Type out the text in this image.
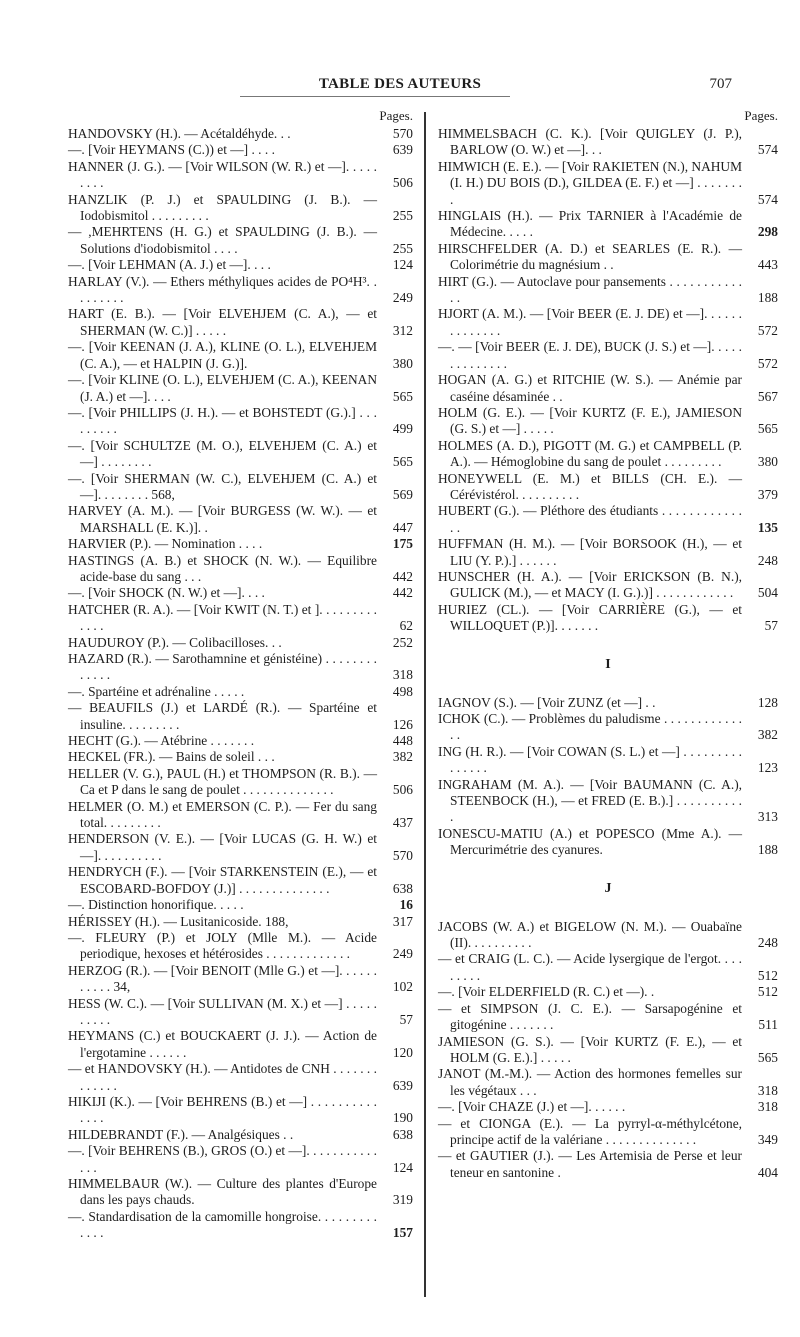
TABLE DES AUTEURS	707
Pages.
HANDOVSKY (H.). — Acétaldéhyde. . .	570
—. [Voir HEYMANS (C.)) et —] . . . .	639
HANNER (J. G.). — [Voir WILSON (W. R.) et —]. . . . . . . . .	506
HANZLIK (P. J.) et SPAULDING (J. B.). — Iodobismitol . . . . . . . . .	255
— ,MEHRTENS (H. G.) et SPAULDING (J. B.). — Solutions d'iodobismitol . . . .	255
—. [Voir LEHMAN (A. J.) et —]. . . .	124
HARLAY (V.). — Ethers méthyliques acides de PO⁴H³. . . . . . . . .	249
HART (E. B.). — [Voir ELVEHJEM (C. A.), — et SHERMAN (W. C.)] . . . . .	312
—. [Voir KEENAN (J. A.), KLINE (O. L.), ELVEHJEM (C. A.), — et HALPIN (J. G.)].	380
—. [Voir KLINE (O. L.), ELVEHJEM (C. A.), KEENAN (J. A.) et —]. . . .	565
—. [Voir PHILLIPS (J. H.). — et BOHSTEDT (G.).] . . . . . . . . .	499
—. [Voir SCHULTZE (M. O.), ELVEHJEM (C. A.) et —] . . . . . . . .	565
—. [Voir SHERMAN (W. C.), ELVEHJEM (C. A.) et —]. . . . . . . . 568,	569
HARVEY (A. M.). — [Voir BURGESS (W. W.). — et MARSHALL (E. K.)]. .	447
HARVIER (P.). — Nomination . . . .	175
HASTINGS (A. B.) et SHOCK (N. W.). — Equilibre acide-base du sang . . .	442
—. [Voir SHOCK (N. W.) et —]. . . .	442
HATCHER (R. A.). — [Voir KWIT (N. T.) et ]. . . . . . . . . . . . .	62
HAUDUROY (P.). — Colibacilloses. . .	252
HAZARD (R.). — Sarothamnine et génistéine) . . . . . . . . . . . . .	318
—. Spartéine et adrénaline . . . . .	498
— BEAUFILS (J.) et LARDÉ (R.). — Spartéine et insuline. . . . . . . . .	126
HECHT (G.). — Atébrine . . . . . . .	448
HECKEL (FR.). — Bains de soleil . . .	382
HELLER (V. G.), PAUL (H.) et THOMPSON (R. B.). — Ca et P dans le sang de poulet . . . . . . . . . . . . . .	506
HELMER (O. M.) et EMERSON (C. P.). — Fer du sang total. . . . . . . . .	437
HENDERSON (V. E.). — [Voir LUCAS (G. H. W.) et —]. . . . . . . . . .	570
HENDRYCH (F.). — [Voir STARKENSTEIN (E.), — et ESCOBARD-BOFDOY (J.)] . . . . . . . . . . . . . .	638
—. Distinction honorifique. . . . .	16
HÉRISSEY (H.). — Lusitanicoside. 188,	317
—. FLEURY (P.) et JOLY (Mlle M.). — Acide periodique, hexoses et hétérosides . . . . . . . . . . . . .	249
HERZOG (R.). — [Voir BENOIT (Mlle G.) et —]. . . . . . . . . . . 34,	102
HESS (W. C.). — [Voir SULLIVAN (M. X.) et —] . . . . . . . . . .	57
HEYMANS (C.) et BOUCKAERT (J. J.). — Action de l'ergotamine . . . . . .	120
— et HANDOVSKY (H.). — Antidotes de CNH . . . . . . . . . . . . .	639
HIKIJI (K.). — [Voir BEHRENS (B.) et —] . . . . . . . . . . . . . .	190
HILDEBRANDT (F.). — Analgésiques . .	638
—. [Voir BEHRENS (B.), GROS (O.) et —]. . . . . . . . . . . . . .	124
HIMMELBAUR (W.). — Culture des plantes d'Europe dans les pays chauds.	319
—. Standardisation de la camomille hongroise. . . . . . . . . . . . .	157
Pages.
HIMMELSBACH (C. K.). [Voir QUIGLEY (J. P.), BARLOW (O. W.) et —]. . .	574
HIMWICH (E. E.). — [Voir RAKIETEN (N.), NAHUM (I. H.) DU BOIS (D.), GILDEA (E. F.) et —] . . . . . . . .	574
HINGLAIS (H.). — Prix TARNIER à l'Académie de Médecine. . . . .	298
HIRSCHFELDER (A. D.) et SEARLES (E. R.). — Colorimétrie du magnésium . .	443
HIRT (G.). — Autoclave pour pansements . . . . . . . . . . . . .	188
HJORT (A. M.). — [Voir BEER (E. J. DE) et —]. . . . . . . . . . . . . .	572
—. — [Voir BEER (E. J. DE), BUCK (J. S.) et —]. . . . . . . . . . . . . .	572
HOGAN (A. G.) et RITCHIE (W. S.). — Anémie par caséine désaminée . .	567
HOLM (G. E.). — [Voir KURTZ (F. E.), JAMIESON (G. S.) et —] . . . . .	565
HOLMES (A. D.), PIGOTT (M. G.) et CAMPBELL (P. A.). — Hémoglobine du sang de poulet . . . . . . . . .	380
HONEYWELL (E. M.) et BILLS (CH. E.). — Cérévistérol. . . . . . . . . .	379
HUBERT (G.). — Pléthore des étudiants . . . . . . . . . . . . . .	135
HUFFMAN (H. M.). — [Voir BORSOOK (H.), — et LIU (Y. P.).] . . . . . .	248
HUNSCHER (H. A.). — [Voir ERICKSON (B. N.), GULICK (M.), — et MACY (I. G.).)] . . . . . . . . . . . .	504
HURIEZ (CL.). — [Voir CARRIÈRE (G.), — et WILLOQUET (P.)]. . . . . . .	57
I
IAGNOV (S.). — [Voir ZUNZ (et —] . .	128
ICHOK (C.). — Problèmes du paludisme . . . . . . . . . . . . . .	382
ING (H. R.). — [Voir COWAN (S. L.) et —] . . . . . . . . . . . . . . .	123
INGRAHAM (M. A.). — [Voir BAUMANN (C. A.), STEENBOCK (H.), — et FRED (E. B.).] . . . . . . . . . . .	313
IONESCU-MATIU (A.) et POPESCO (Mme A.). — Mercurimétrie des cyanures.	188
J
JACOBS (W. A.) et BIGELOW (N. M.). — Ouabaïne (II). . . . . . . . . .	248
— et CRAIG (L. C.). — Acide lysergique de l'ergot. . . . . . . . .	512
—. [Voir ELDERFIELD (R. C.) et —). .	512
— et SIMPSON (J. C. E.). — Sarsapogénine et gitogénine . . . . . . .	511
JAMIESON (G. S.). — [Voir KURTZ (F. E.), — et HOLM (G. E.).] . . . . .	565
JANOT (M.-M.). — Action des hormones femelles sur les végétaux . . .	318
—. [Voir CHAZE (J.) et —]. . . . . .	318
— et CIONGA (E.). — La pyrryl-α-méthylcétone, principe actif de la valériane . . . . . . . . . . . . . .	349
— et GAUTIER (J.). — Les Artemisia de Perse et leur teneur en santonine .	404
